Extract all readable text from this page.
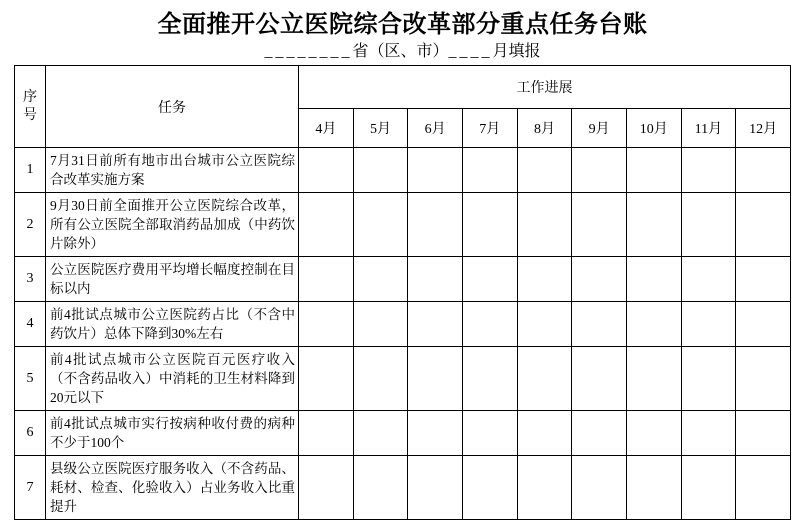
全面推开公立医院综合改革部分重点任务台账
________省（区、市）____月填报
序号	任务	工作进展								
		4月	5月	6月	7月	8月	9月	10月	11月	12月
1	7月31日前所有地市出台城市公立医院综合改革实施方案									
2	9月30日前全面推开公立医院综合改革，所有公立医院全部取消药品加成（中药饮片除外）									
3	公立医院医疗费用平均增长幅度控制在目标以内									
4	前4批试点城市公立医院药占比（不含中药饮片）总体下降到30%左右									
5	前4批试点城市公立医院百元医疗收入（不含药品收入）中消耗的卫生材料降到20元以下									
6	前4批试点城市实行按病种收付费的病种不少于100个									
7	县级公立医院医疗服务收入（不含药品、耗材、检查、化验收入）占业务收入比重提升									
